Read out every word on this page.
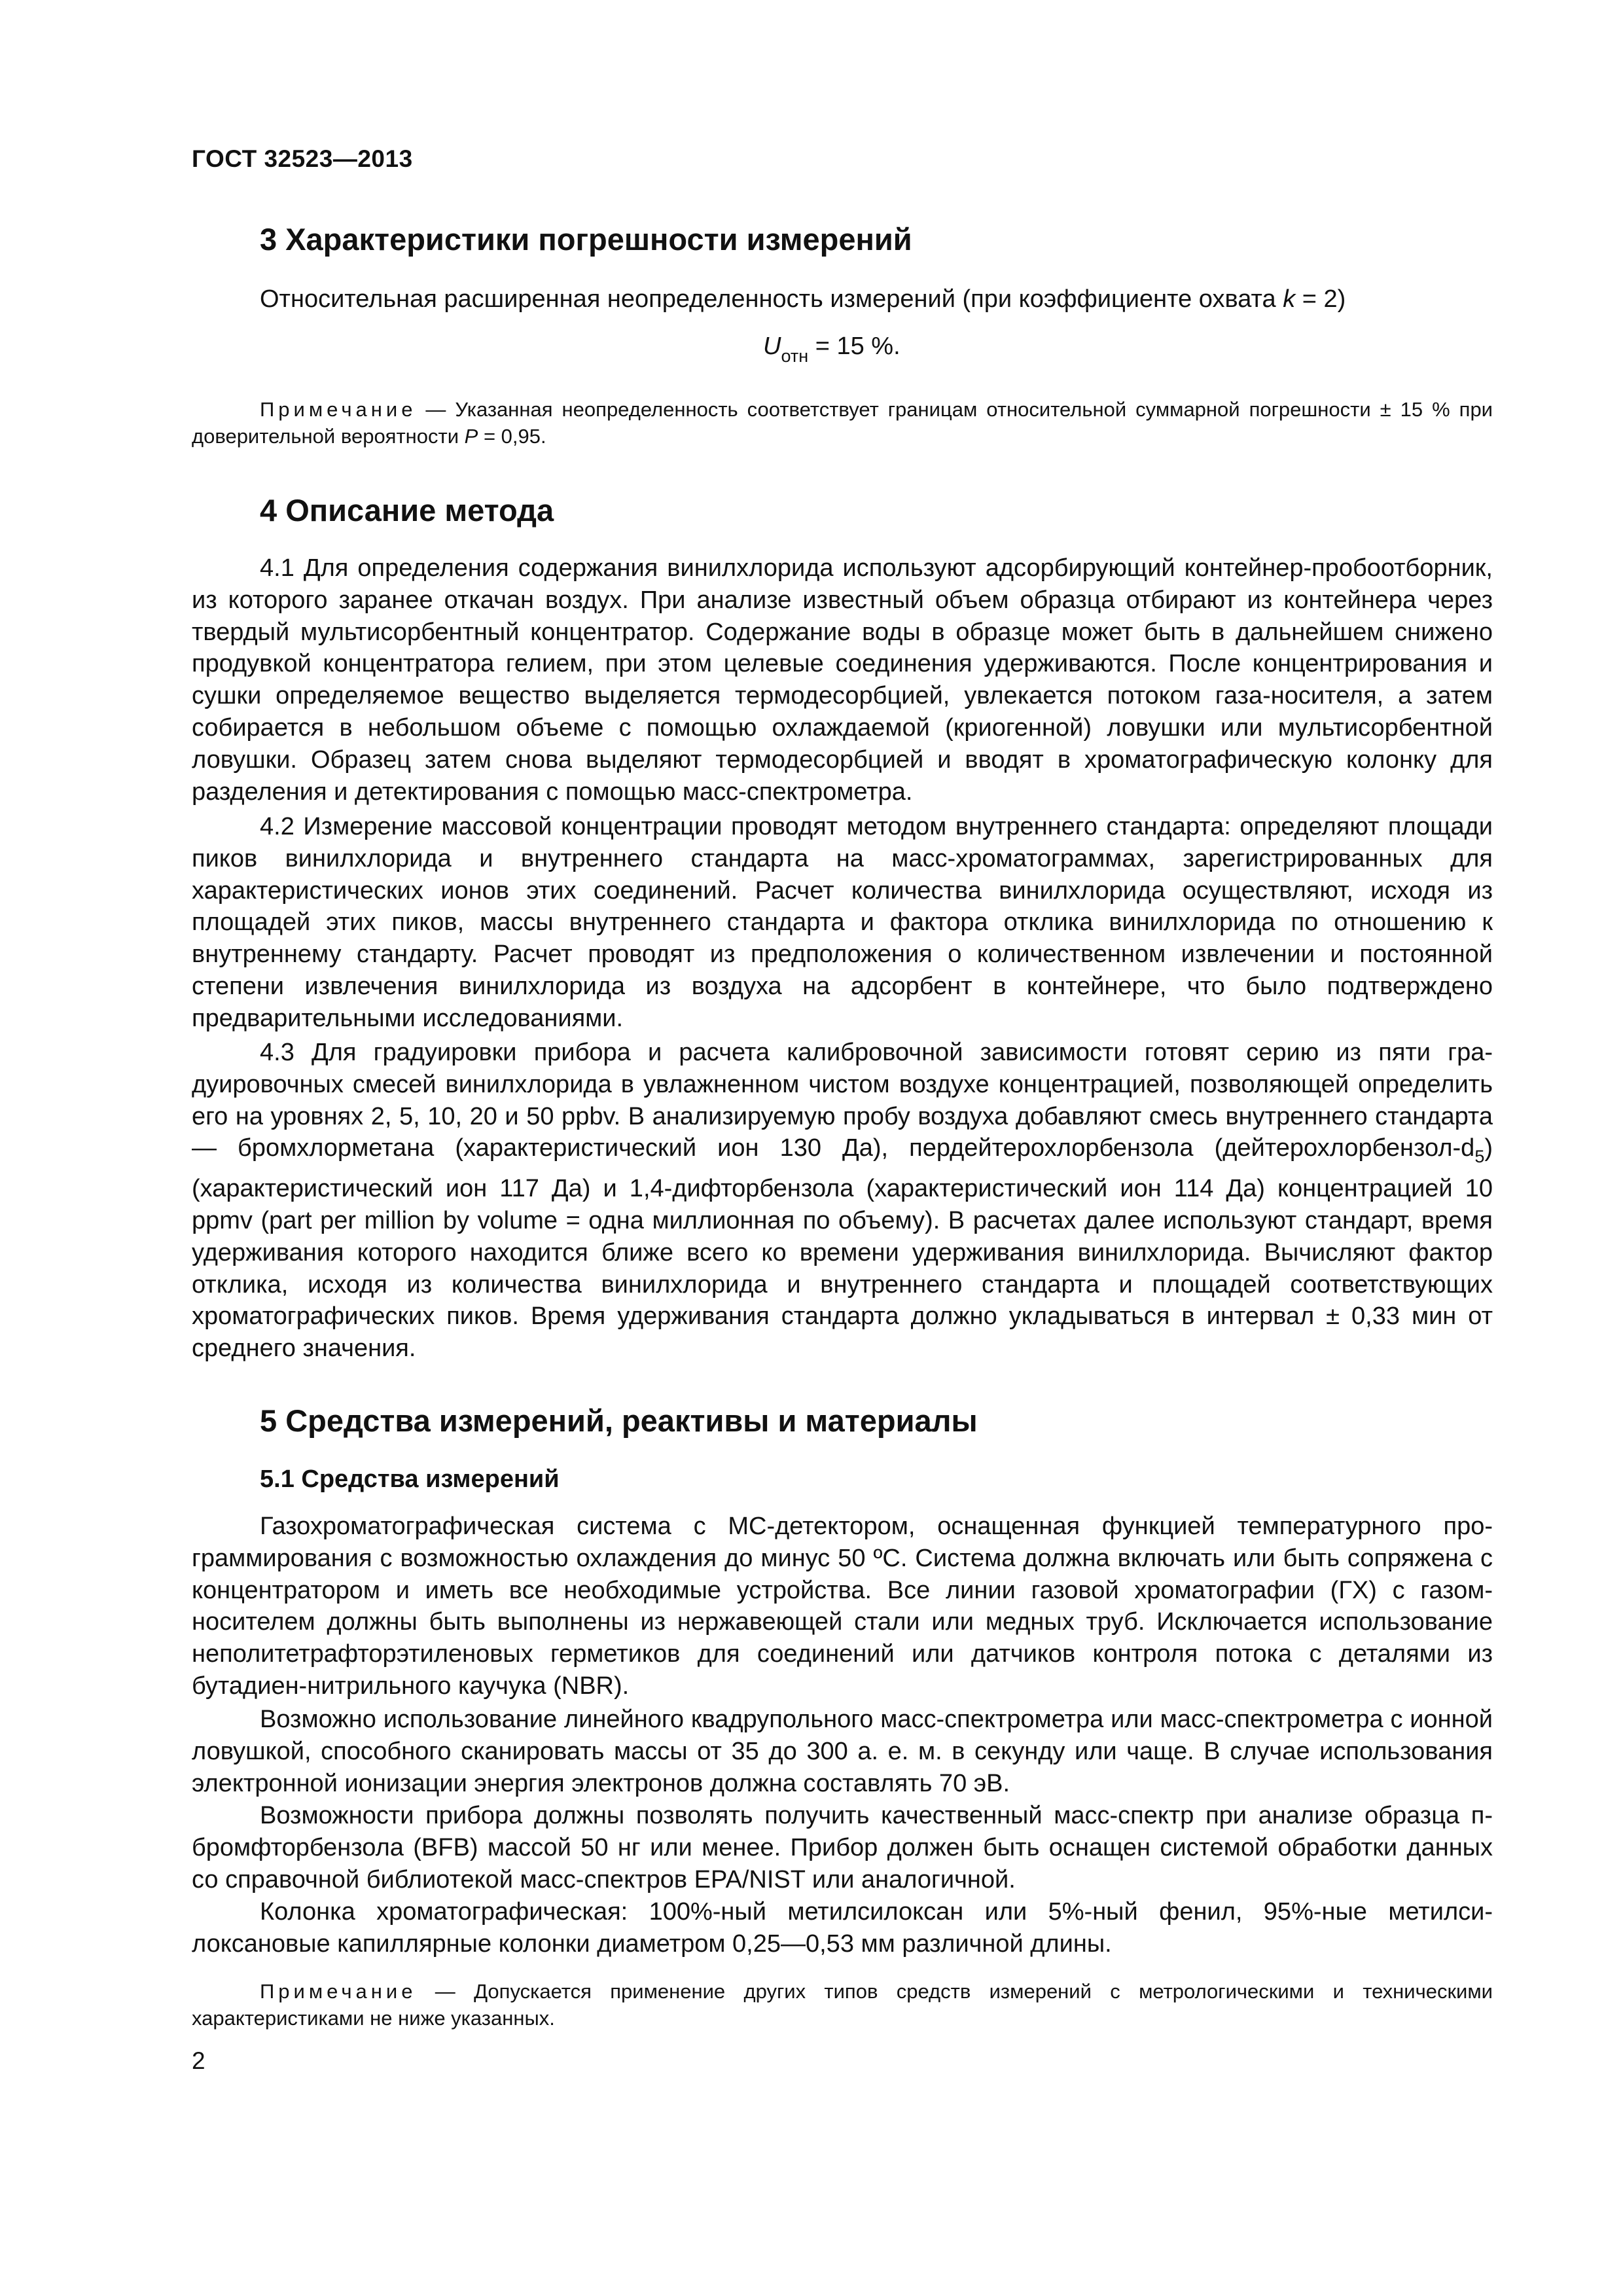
ГОСТ 32523—2013
3 Характеристики погрешности измерений

Относительная расширенная неопределенность измерений (при коэффициенте охвата k = 2)

$U_{отн} = 15$ %.

Примечание — Указанная неопределенность соответствует границам относительной суммарной погрешности ± 15 % при доверительной вероятности P = 0,95.

4 Описание метода

4.1 Для определения содержания винилхлорида используют адсорбирующий контейнер-пробоотборник, из которого заранее откачан воздух. При анализе известный объем образца отбирают из контейнера через твердый мультисорбентный концентратор. Содержание воды в образце может быть в дальнейшем снижено продувкой концентратора гелием, при этом целевые соединения удерживаются. После концентрирования и сушки определяемое вещество выделяется термодесорбцией, увлекается потоком газа-носителя, а затем собирается в небольшом объеме с помощью охлаждаемой (криогенной) ловушки или мультисорбентной ловушки. Образец затем снова выделяют термодесорбцией и вводят в хроматографическую колонку для разделения и детектирования с помощью масс-спектрометра.

4.2 Измерение массовой концентрации проводят методом внутреннего стандарта: определяют площади пиков винилхлорида и внутреннего стандарта на масс-хроматограммах, зарегистрированных для характеристических ионов этих соединений. Расчет количества винилхлорида осуществляют, исходя из площадей этих пиков, массы внутреннего стандарта и фактора отклика винилхлорида по отношению к внутреннему стандарту. Расчет проводят из предположения о количественном извлечении и постоянной степени извлечения винилхлорида из воздуха на адсорбент в контейнере, что было подтверждено предварительными исследованиями.

4.3 Для градуировки прибора и расчета калибровочной зависимости готовят серию из пяти градуировочных смесей винилхлорида в увлажненном чистом воздухе концентрацией, позволяющей определить его на уровнях 2, 5, 10, 20 и 50 ppbv. В анализируемую пробу воздуха добавляют смесь внутреннего стандарта — бромхлорметана (характеристический ион 130 Да), пердейтерохлорбензола $(дейтерохлорбензол-d_5)$ (характеристический ион 117 Да) и 1,4-дифторбензола (характеристический ион 114 Да) концентрацией 10 ppmv (part per million by volume = одна миллионная по объему). В расчетах далее используют стандарт, время удерживания которого находится ближе всего ко времени удерживания винилхлорида. Вычисляют фактор отклика, исходя из количества винилхлорида и внутреннего стандарта и площадей соответствующих хроматографических пиков. Время удерживания стандарта должно укладываться в интервал ± 0,33 мин от среднего значения.

5 Средства измерений, реактивы и материалы
5.1 Средства измерений

Газохроматографическая система с МС-детектором, оснащенная функцией температурного программирования с возможностью охлаждения до минус 50 ºС. Система должна включать или быть сопряжена с концентратором и иметь все необходимые устройства. Все линии газовой хроматографии (ГХ) с газом-носителем должны быть выполнены из нержавеющей стали или медных труб. Исключается использование неполитетрафторэтиленовых герметиков для соединений или датчиков контроля потока с деталями из бутадиен-нитрильного каучука (NBR).

Возможно использование линейного квадрупольного масс-спектрометра или масс-спектрометра с ионной ловушкой, способного сканировать массы от 35 до 300 а. е. м. в секунду или чаще. В случае использования электронной ионизации энергия электронов должна составлять 70 эВ.

Возможности прибора должны позволять получить качественный масс-спектр при анализе образца п-бромфторбензола (BFB) массой 50 нг или менее. Прибор должен быть оснащен системой обработки данных со справочной библиотекой масс-спектров EPA/NIST или аналогичной.

Колонка хроматографическая: 100%-ный метилсилоксан или 5%-ный фенил, 95%-ные метилсилоксановые капиллярные колонки диаметром 0,25—0,53 мм различной длины.

Примечание — Допускается применение других типов средств измерений с метрологическими и техническими характеристиками не ниже указанных.

2
